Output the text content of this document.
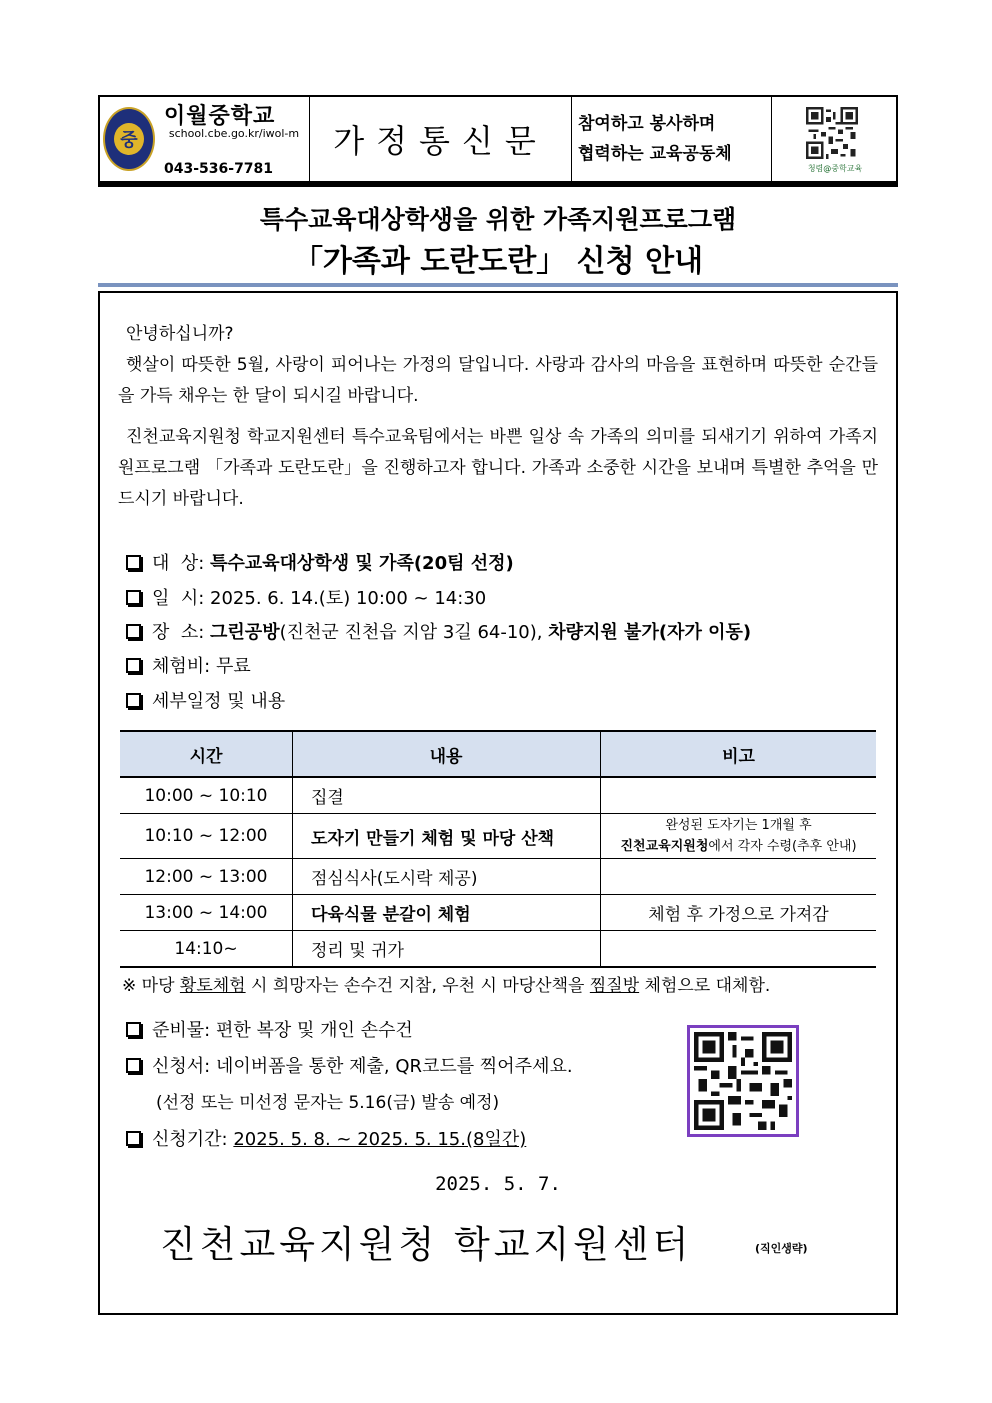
중
이월중학교
school.cbe.go.kr/iwol-m
043-536-7781
가정통신문 참여하고 봉사하며
협력하는 교육공동체
청렴@중학교육
특수교육대상학생을 위한 가족지원프로그램
「가족과 도란도란」 신청 안내
안녕하십니까?
햇살이 따뜻한 5월, 사랑이 피어나는 가정의 달입니다. 사랑과 감사의 마음을 표현하며 따뜻한 순간들을 가득 채우는 한 달이 되시길 바랍니다.
진천교육지원청 학교지원센터 특수교육팀에서는 바쁜 일상 속 가족의 의미를 되새기기 위하여 가족지원프로그램 「가족과 도란도란」을 진행하고자 합니다. 가족과 소중한 시간을 보내며 특별한 추억을 만드시기 바랍니다.
대  상:
특수교육대상학생 및 가족(20팀 선정)
일  시:
2025. 6. 14.(토) 10:00 ~ 14:30
장  소:
그린공방 (진천군 진천읍 지암 3길 64-10),
차량지원 불가(자가 이동)
체험비:
무료
세부일정 및 내용
시간	내용	비고
10:00 ~ 10:10	집결	
10:10 ~ 12:00	도자기 만들기 체험 및 마당 산책	완성된 도자기는 1개월 후
진천교육지원청에서 각자 수령(추후 안내)

12:00 ~ 13:00	점심식사(도시락 제공)	
13:00 ~ 14:00	다육식물 분갈이 체험	체험 후 가정으로 가져감
14:10~	정리 및 귀가	
※ 마당 황토체험 시 희망자는 손수건 지참, 우천 시 마당산책을 찜질방 체험으로 대체함.
준비물:
편한 복장 및 개인 손수건
신청서:
네이버폼을 통한 제출, QR코드를 찍어주세요.
(선정 또는 미선정 문자는 5.16(금) 발송 예정)
신청기간:
2025. 5. 8. ~ 2025. 5. 15.(8일간)
2025. 5. 7.
진천교육지원청 학교지원센터	(직인생략)
